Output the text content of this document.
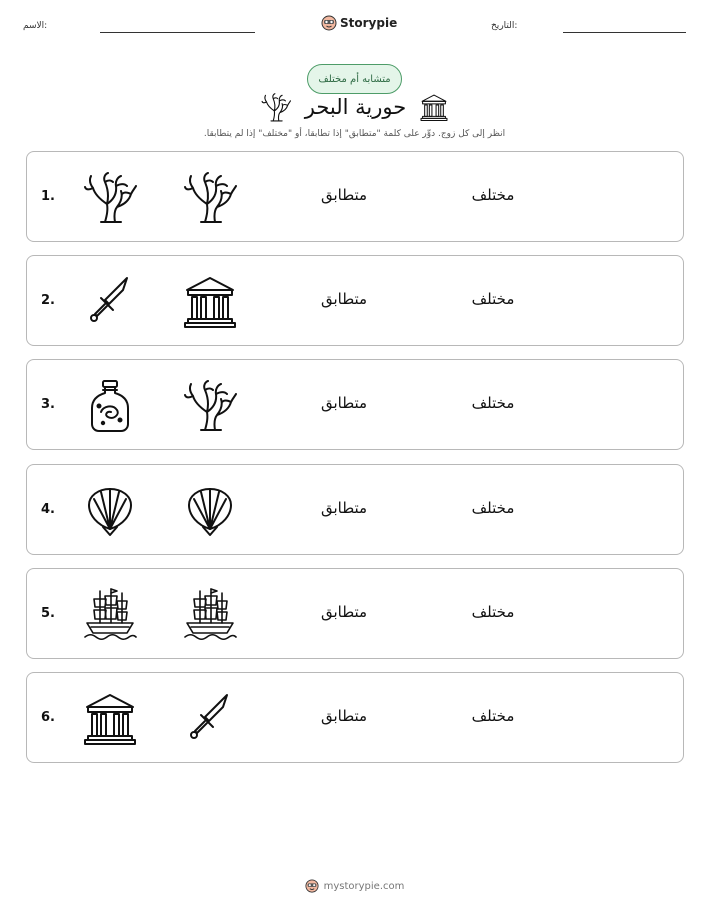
الاسم:	Storypie	التاريخ:
متشابه أم مختلف
حورية البحر
انظر إلى كل زوج. دوِّر على كلمة "متطابق" إذا تطابقا، أو "مختلف" إذا لم يتطابقا.
1.	متطابق	مختلف
2.	متطابق	مختلف
3.	متطابق	مختلف
4.	متطابق	مختلف
5.	متطابق	مختلف
6.	متطابق	مختلف
mystorypie.com
